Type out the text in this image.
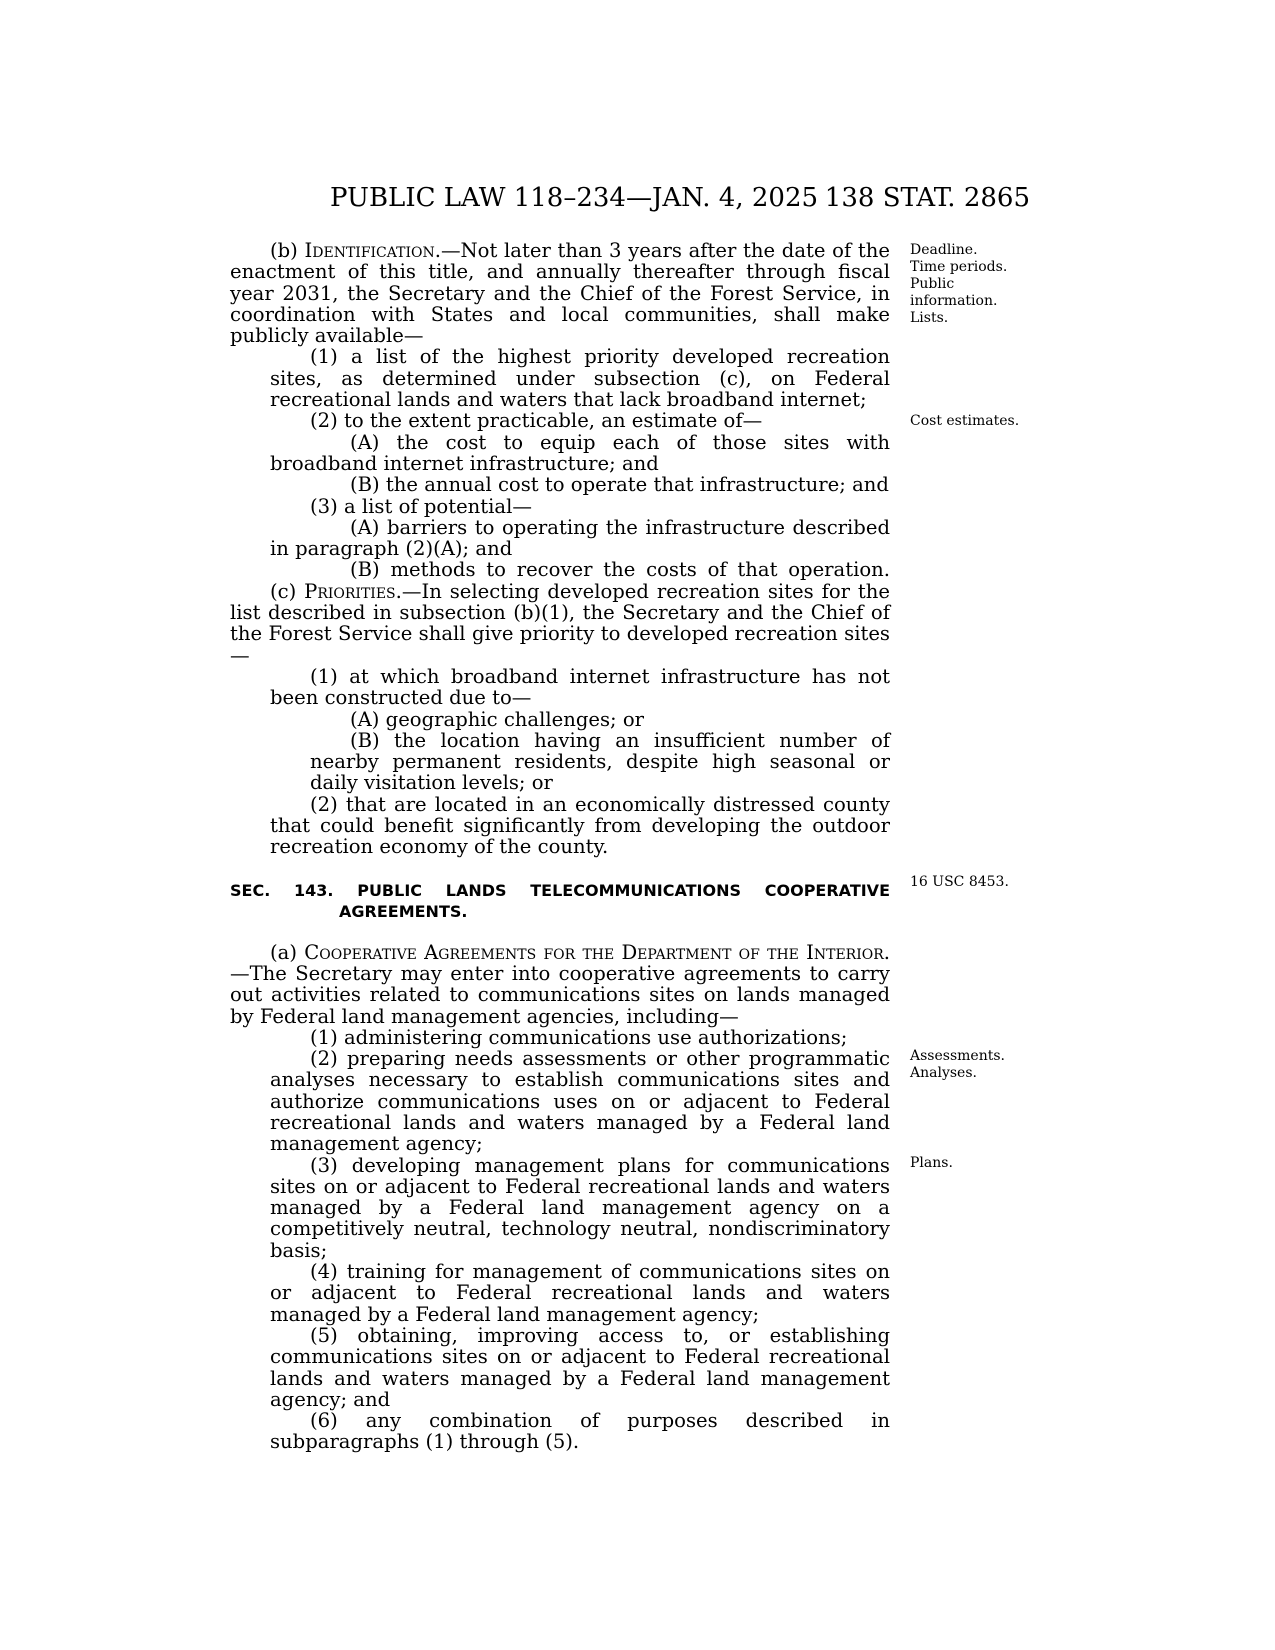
PUBLIC LAW 118–234—JAN. 4, 2025 138 STAT. 2865

(b) Identification.—Not later than 3 years after the date of the enactment of this title, and annually thereafter through fiscal year 2031, the Secretary and the Chief of the Forest Service, in coordination with States and local communities, shall make publicly available—

(1) a list of the highest priority developed recreation sites, as determined under subsection (c), on Federal recreational lands and waters that lack broadband internet;

(2) to the extent practicable, an estimate of—

(A) the cost to equip each of those sites with broadband internet infrastructure; and

(B) the annual cost to operate that infrastructure; and

(3) a list of potential—

(A) barriers to operating the infrastructure described in paragraph (2)(A); and

(B) methods to recover the costs of that operation.

(c) Priorities.—In selecting developed recreation sites for the list described in subsection (b)(1), the Secretary and the Chief of the Forest Service shall give priority to developed recreation sites—

(1) at which broadband internet infrastructure has not been constructed due to—

(A) geographic challenges; or

(B) the location having an insufficient number of nearby permanent residents, despite high seasonal or daily visitation levels; or

(2) that are located in an economically distressed county that could benefit significantly from developing the outdoor recreation economy of the county.

SEC. 143. PUBLIC LANDS TELECOMMUNICATIONS COOPERATIVE AGREEMENTS.

(a) Cooperative Agreements for the Department of the Interior.—The Secretary may enter into cooperative agreements to carry out activities related to communications sites on lands managed by Federal land management agencies, including—

(1) administering communications use authorizations;

(2) preparing needs assessments or other programmatic analyses necessary to establish communications sites and authorize communications uses on or adjacent to Federal recreational lands and waters managed by a Federal land management agency;

(3) developing management plans for communications sites on or adjacent to Federal recreational lands and waters managed by a Federal land management agency on a competitively neutral, technology neutral, nondiscriminatory basis;

(4) training for management of communications sites on or adjacent to Federal recreational lands and waters managed by a Federal land management agency;

(5) obtaining, improving access to, or establishing communications sites on or adjacent to Federal recreational lands and waters managed by a Federal land management agency; and

(6) any combination of purposes described in subparagraphs (1) through (5).

Deadline.
Time periods.
Public
information.
Lists.
Cost estimates.
16 USC 8453.
Assessments.
Analyses.
Plans.
